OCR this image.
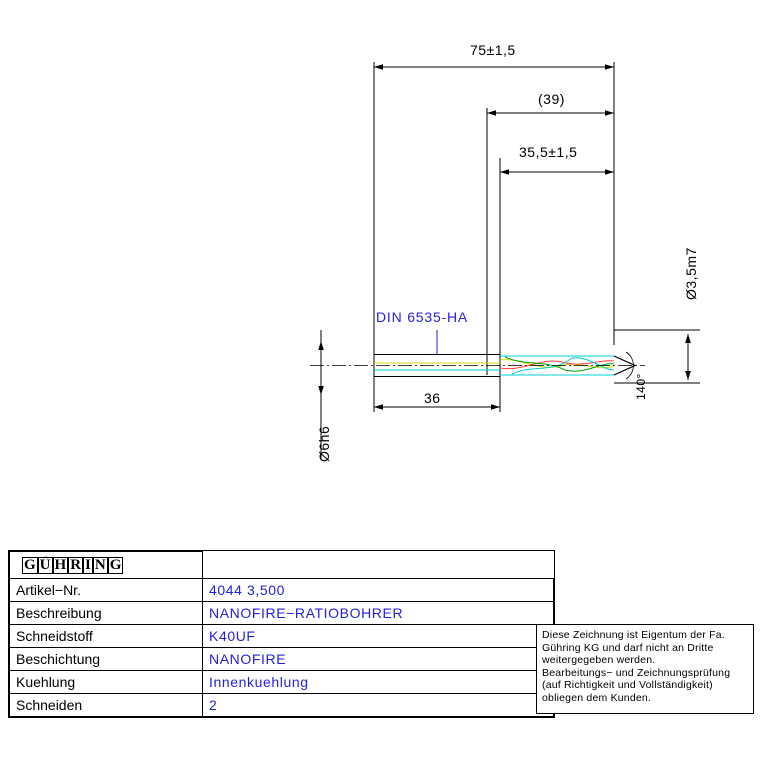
75±1,5
(39)
35,5±1,5
36
Ø3,5m7
Ø6h6
140°
DIN 6535-HA
G Ü H R I N G

Artikel−Nr.	4044 3,500
Beschreibung	NANOFIRE−RATIOBOHRER
Schneidstoff	K40UF
Beschichtung	NANOFIRE
Kuehlung	Innenkuehlung
Schneiden	2

Diese Zeichnung ist Eigentum der Fa.

Gühring KG und darf nicht an Dritte

weitergegeben werden.

Bearbeitungs− und Zeichnungsprüfung

(auf Richtigkeit und Vollständigkeit)

obliegen dem Kunden.
